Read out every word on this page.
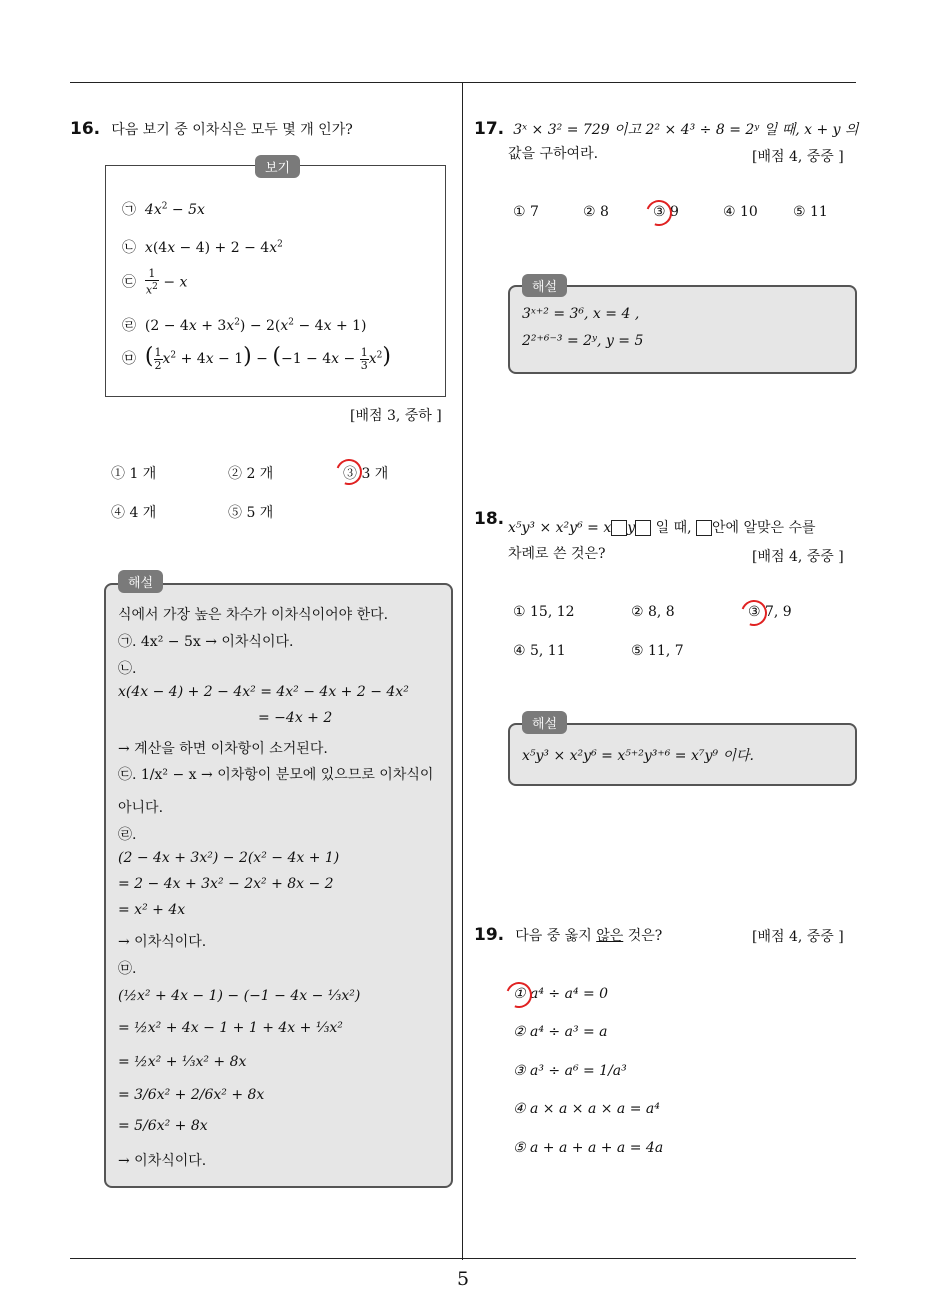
5
16. 다음 보기 중 이차식은 모두 몇 개 인가?
보기
㉠ $4x^2 - 5x$
㉡ $x(4x - 4) + 2 - 4x^2$
㉢ $\frac{1}{x^2} - x$
㉣ $(2 - 4x + 3x^2) - 2(x^2 - 4x + 1)$
㉤ ( $\frac{1}{2} x^2 + 4x - 1) - (-1 - 4x - \frac{1}{3} x^2)$
[배점 3, 중하 ]
① 1 개	② 2 개	③ 3 개
④ 4 개	⑤ 5 개
해설
식에서 가장 높은 차수가 이차식이어야 한다.
㉠. 4x² − 5x → 이차식이다.
㉡.
x(4x − 4) + 2 − 4x² = 4x² − 4x + 2 − 4x²
= −4x + 2
→ 계산을 하면 이차항이 소거된다.
㉢. 1/x² − x → 이차항이 분모에 있으므로 이차식이
아니다.
㉣.
(2 − 4x + 3x²) − 2(x² − 4x + 1)
= 2 − 4x + 3x² − 2x² + 8x − 2
= x² + 4x
→ 이차식이다.
㉤.
(½x² + 4x − 1) − (−1 − 4x − ⅓x²)
= ½x² + 4x − 1 + 1 + 4x + ⅓x²
= ½x² + ⅓x² + 8x
= 3/6x² + 2/6x² + 8x
= 5/6x² + 8x
→ 이차식이다.
17. 3ˣ × 3² = 729 이고 2² × 4³ ÷ 8 = 2ʸ 일 때, x + y 의
값을 구하여라.	[배점 4, 중중 ]
① 7	② 8	③ 9	④ 10	⑤ 11
해설
3ˣ⁺² = 3⁶, x = 4 ,
2²⁺⁶⁻³ = 2ʸ, y = 5
18. x⁵y³ × x²y⁶ = x y 일 때, 안에 알맞은 수를
차례로 쓴 것은?	[배점 4, 중중 ]
① 15, 12	② 8, 8	③ 7, 9
④ 5, 11	⑤ 11, 7
해설
x⁵y³ × x²y⁶ = x⁵⁺²y³⁺⁶ = x⁷y⁹ 이다.
19. 다음 중 옳지 않은 것은?	[배점 4, 중중 ]
① a⁴ ÷ a⁴ = 0
② a⁴ ÷ a³ = a
③ a³ ÷ a⁶ = 1/a³
④ a × a × a × a = a⁴
⑤ a + a + a + a = 4a
